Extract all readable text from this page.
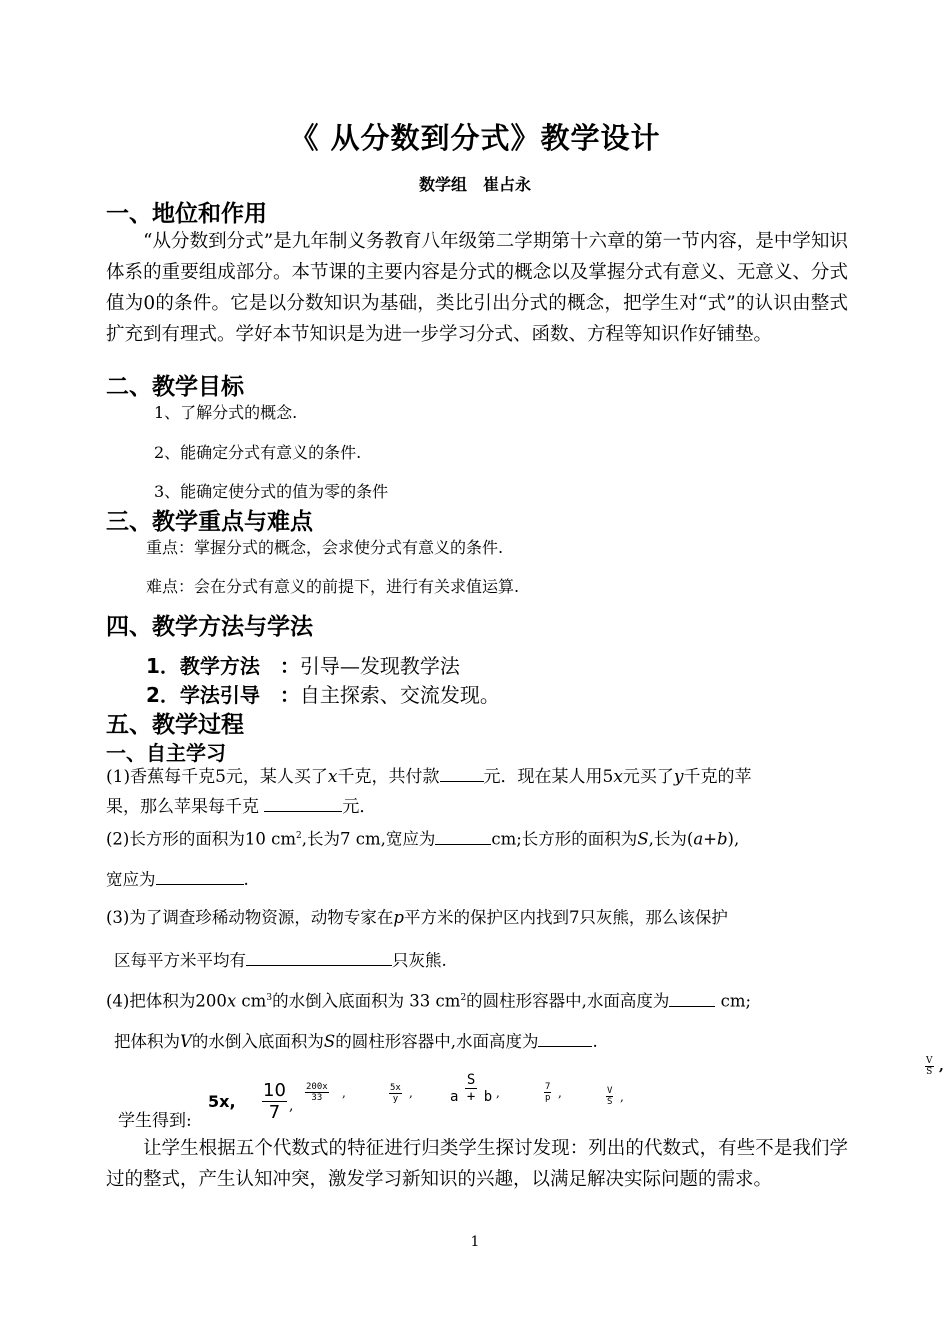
《 从分数到分式》教学设计
数学组　崔占永
一、地位和作用
“从分数到分式”是九年制义务教育八年级第二学期第十六章的第一节内容，是中学知识体系的重要组成部分。本节课的主要内容是分式的概念以及掌握分式有意义、无意义、分式值为0的条件。它是以分数知识为基础，类比引出分式的概念，把学生对“式”的认识由整式扩充到有理式。学好本节知识是为进一步学习分式、函数、方程等知识作好铺垫。
二、教学目标
1、了解分式的概念.
2、能确定分式有意义的条件.
3、能确定使分式的值为零的条件
三、教学重点与难点
重点：掌握分式的概念，会求使分式有意义的条件.
难点：会在分式有意义的前提下，进行有关求值运算.
四、教学方法与学法
1．教学方法　：引导—发现教学法
2．学法引导　：自主探索、交流发现。
五、教学过程
一、自主学习
(1)香蕉每千克5元，某人买了x千克，共付款	元．现在某人用5x元买了y千克的苹
果，那么苹果每千克	元．
(2)长方形的面积为10 $cm^2$,长为7 cm,宽应为	cm;长方形的面积为S,长为(a+b),
宽应为	.
(3)为了调查珍稀动物资源，动物专家在p平方米的保护区内找到7只灰熊，那么该保护
区每平方米平均有	只灰熊.
(4)把体积为200x $cm^3$的水倒入底面积为 33 $cm^2$的圆柱形容器中,水面高度为	cm;
把体积为V的水倒入底面积为S的圆柱形容器中,水面高度为	.
$\frac{V}{S}$ ,
学生得到:
5x, $\frac{10}{7}$ ,
$\frac{200x}{33}$ ,	$\frac{5x}{y}$ ,	$\frac{S}{a + b}$ ,	$\frac{7}{p}$ ,	$\frac{V}{S}$ ,
让学生根据五个代数式的特征进行归类学生探讨发现：列出的代数式，有些不是我们学过的整式，产生认知冲突，激发学习新知识的兴趣，以满足解决实际问题的需求。
1
